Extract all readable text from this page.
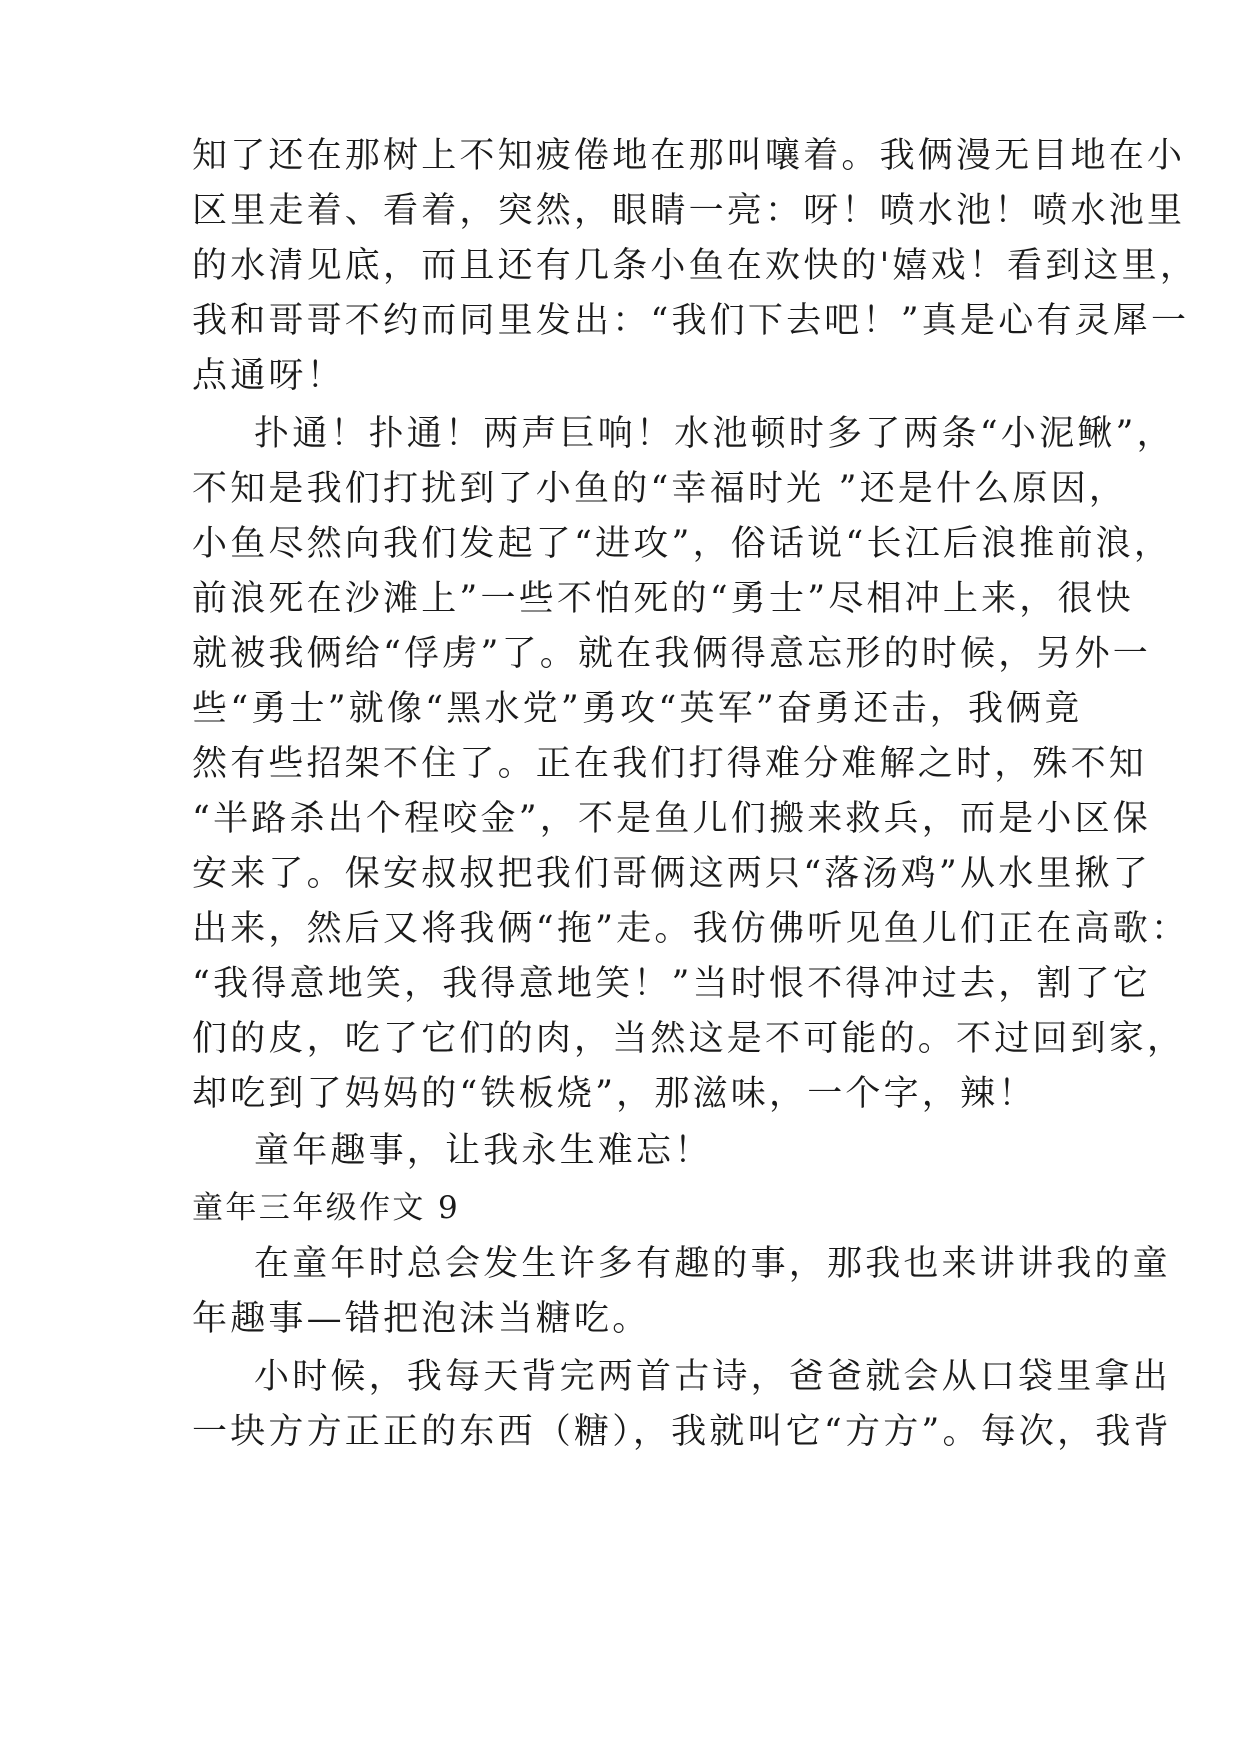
知了还在那树上不知疲倦地在那叫嚷着。我俩漫无目地在小
区里走着、看着，突然，眼睛一亮：呀！喷水池！喷水池里
的水清见底，而且还有几条小鱼在欢快的'嬉戏！看到这里，
我和哥哥不约而同里发出：“我们下去吧！”真是心有灵犀一
点通呀！
扑通！扑通！两声巨响！水池顿时多了两条“小泥鳅”，
不知是我们打扰到了小鱼的“幸福时光 ”还是什么原因，
小鱼尽然向我们发起了“进攻”，俗话说“长江后浪推前浪，
前浪死在沙滩上”一些不怕死的“勇士”尽相冲上来，很快
就被我俩给“俘虏”了。就在我俩得意忘形的时候，另外一
些“勇士”就像“黑水党”勇攻“英军”奋勇还击，我俩竟
然有些招架不住了。正在我们打得难分难解之时，殊不知
“半路杀出个程咬金”，不是鱼儿们搬来救兵，而是小区保
安来了。保安叔叔把我们哥俩这两只“落汤鸡”从水里揪了
出来，然后又将我俩“拖”走。我仿佛听见鱼儿们正在高歌：
“我得意地笑，我得意地笑！”当时恨不得冲过去，割了它
们的皮，吃了它们的肉，当然这是不可能的。不过回到家，
却吃到了妈妈的“铁板烧”，那滋味，一个字，辣！
童年趣事，让我永生难忘！
童年三年级作文 9
在童年时总会发生许多有趣的事，那我也来讲讲我的童
年趣事—错把泡沫当糖吃。
小时候，我每天背完两首古诗，爸爸就会从口袋里拿出
一块方方正正的东西（糖），我就叫它“方方”。每次，我背
